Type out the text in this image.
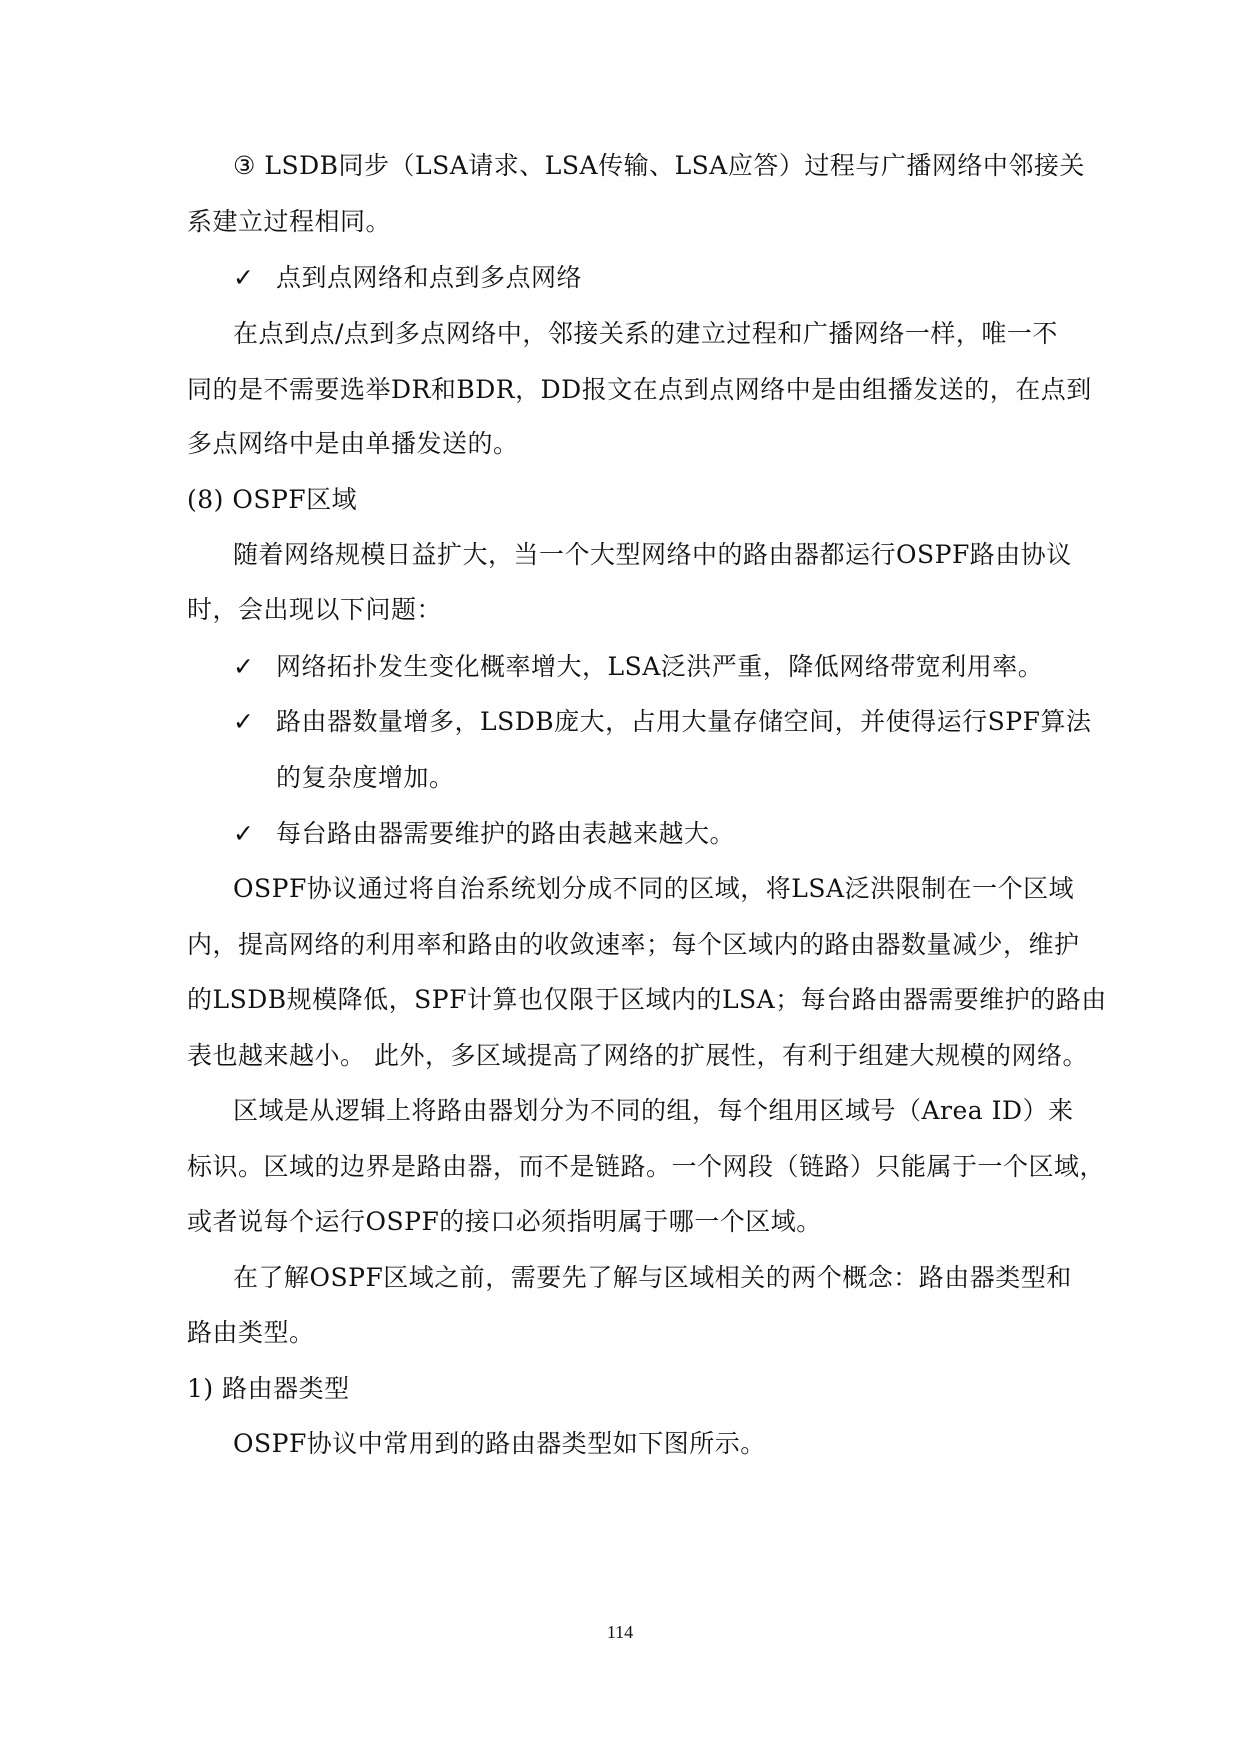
③ LSDB同步（LSA请求、LSA传输、LSA应答）过程与广播网络中邻接关
系建立过程相同。
✓ 点到点网络和点到多点网络
在点到点/点到多点网络中，邻接关系的建立过程和广播网络一样，唯一不
同的是不需要选举DR和BDR，DD报文在点到点网络中是由组播发送的，在点到
多点网络中是由单播发送的。
(8) OSPF区域
随着网络规模日益扩大，当一个大型网络中的路由器都运行OSPF路由协议
时，会出现以下问题：
✓ 网络拓扑发生变化概率增大，LSA泛洪严重，降低网络带宽利用率。
✓ 路由器数量增多，LSDB庞大，占用大量存储空间，并使得运行SPF算法
的复杂度增加。
✓ 每台路由器需要维护的路由表越来越大。
OSPF协议通过将自治系统划分成不同的区域，将LSA泛洪限制在一个区域
内，提高网络的利用率和路由的收敛速率；每个区域内的路由器数量减少，维护
的LSDB规模降低，SPF计算也仅限于区域内的LSA；每台路由器需要维护的路由
表也越来越小。 此外，多区域提高了网络的扩展性，有利于组建大规模的网络。
区域是从逻辑上将路由器划分为不同的组，每个组用区域号（Area ID）来
标识。区域的边界是路由器，而不是链路。一个网段（链路）只能属于一个区域，
或者说每个运行OSPF的接口必须指明属于哪一个区域。
在了解OSPF区域之前，需要先了解与区域相关的两个概念：路由器类型和
路由类型。
1) 路由器类型
OSPF协议中常用到的路由器类型如下图所示。
114
